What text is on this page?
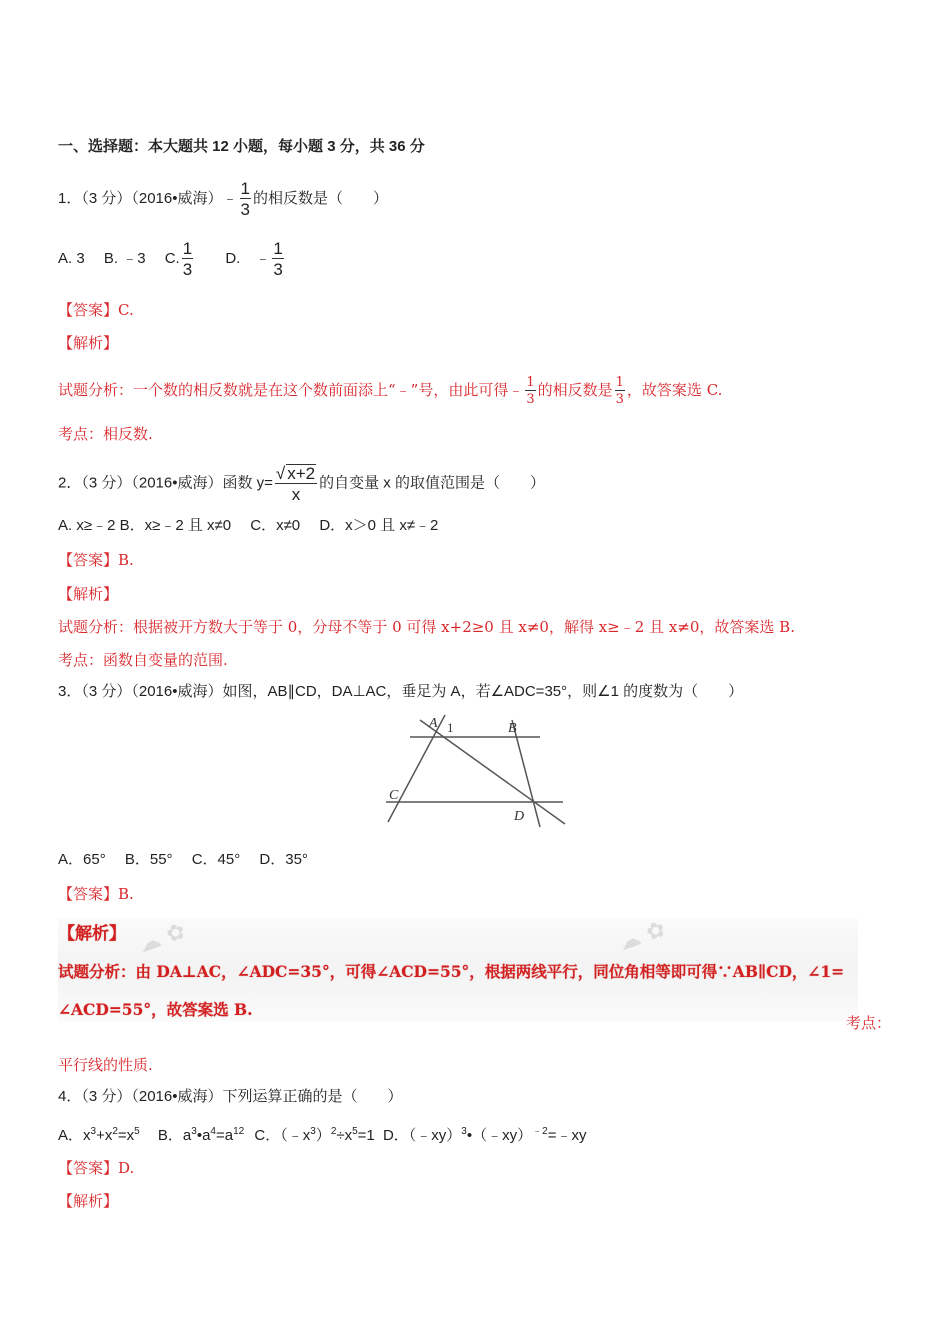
一、选择题：本大题共 12 小题，每小题 3 分，共 36 分
1．（3 分）（2016•威海）﹣ $\frac{1}{3}$ 的相反数是（　　）
A. 3　 B. ﹣3　 C. $\frac{1}{3} D$.　﹣ $\frac{1}{3}$
【答案】C.
【解析】
试题分析：一个数的相反数就是在这个数前面添上“﹣”号，由此可得﹣ $\frac{1}{3}$ 的相反数是 $\frac{1}{3}$ ，故答案选 C.
考点：相反数.
2．（3 分）（2016•威海）函数 $y= \frac{√ x+2}{x}$ 的自变量 x 的取值范围是（　　）
A. x≥﹣2 B．x≥﹣2 且 x≠0　 C．x≠0　 D．x＞0 且 x≠﹣2
【答案】B.
【解析】
试题分析：根据被开方数大于等于 0，分母不等于 0 可得 x+2≥0 且 x≠0，解得 x≥﹣2 且 x≠0，故答案选 B.
考点：函数自变量的范围.
3．（3 分）（2016•威海）如图，AB∥CD，DA⊥AC，垂足为 A，若∠ADC=35°，则∠1 的度数为（　　）
A 1	B
C
D
A．65°　 B．55°　 C．45°　 D．35°
【答案】B.
☁ ✿	☁ ✿
【解析】
试题分析：由 DA⊥AC，∠ADC=35°，可得∠ACD=55°，根据两线平行，同位角相等即可得∵AB∥CD，∠1=
∠ACD=55°，故答案选 B.
考点：
平行线的性质.
4．（3 分）（2016•威海）下列运算正确的是（　　）
A．$x^3+x^2=x^5$ B．$a^3•a^4=a^{12}$ C．$(﹣x^3)^2\div x^5=1$ D．（﹣xy）$^3$•（﹣xy）$^{﹣2}$=﹣xy
【答案】D.
【解析】
